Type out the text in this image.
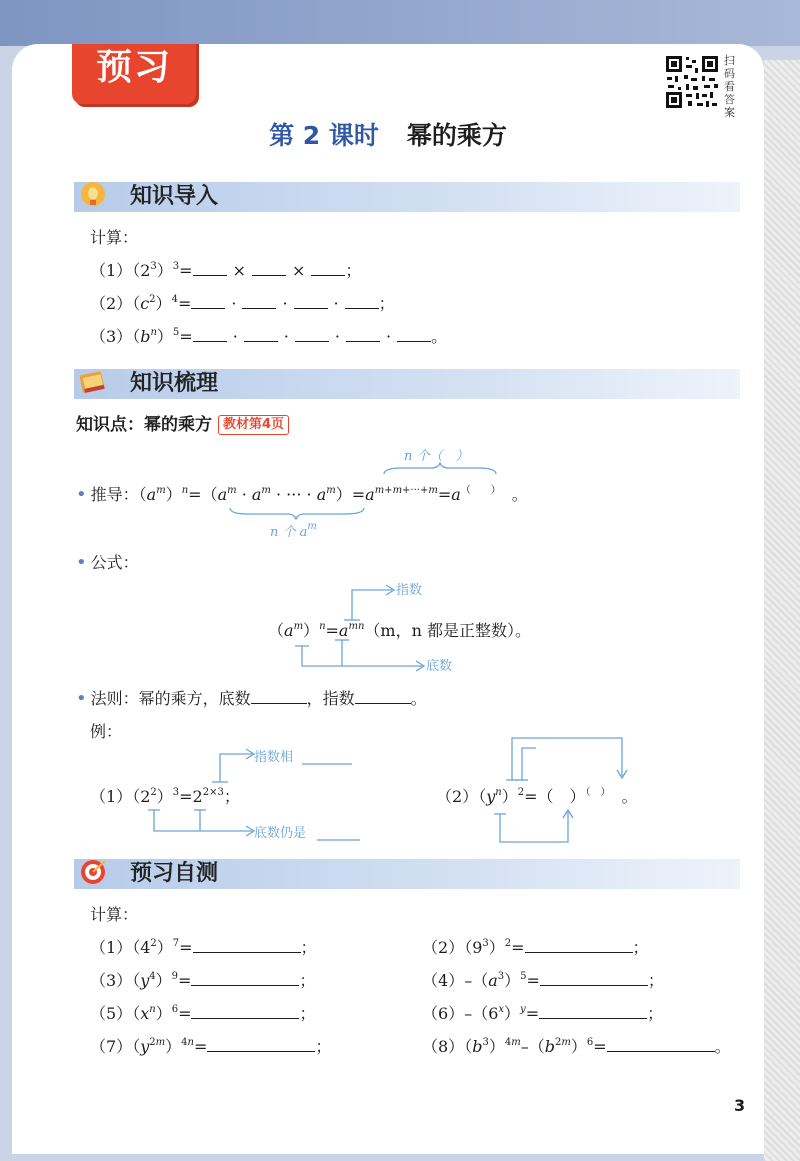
预习	扫码看答案
第 2 课时 幂的乘方
知识导入
计算：
$(1)(2^3)^3=$	×	×	；
$(2)(c^2)^4=$	·	·	·	；
$(3)(b^n)^5=$	·	·	·	·	。
知识梳理
知识点：幂的乘方 教材第4页
n 个（　）
• 推导：$(a^m)^n=(a^m \cdot a^m$ · ··· · $a^m)=a^{m+m+\cdot\cdot\cdot+m}=a^{( )}$　。
n 个 $a^m$
• 公式：
指数
底数
$(a^m)^n=a^{mn}(m$，n 都是正整数）。
• 法则：幂的乘方，底数	，指数	。
例：
指数相
底数仍是
$(1)(2^2)^3=2^{2\times 3}$；	$(2)(y^n)^2=$（　）（　）　。
预习自测
计算：
$(1)(4^2)^7=$	；	$(2)(9^3)^2=$	；
$(3)(y^4)^9=$	；	$(4)-(a^3)^5=$	；
$(5)(x^n)^6=$	；	$(6)-(6^x)^y=$	；
$(7)(y^{2m})^{4n}=$	；	$(8)(b^3)^{4m}-(b^{2m})^6=$	。
3
